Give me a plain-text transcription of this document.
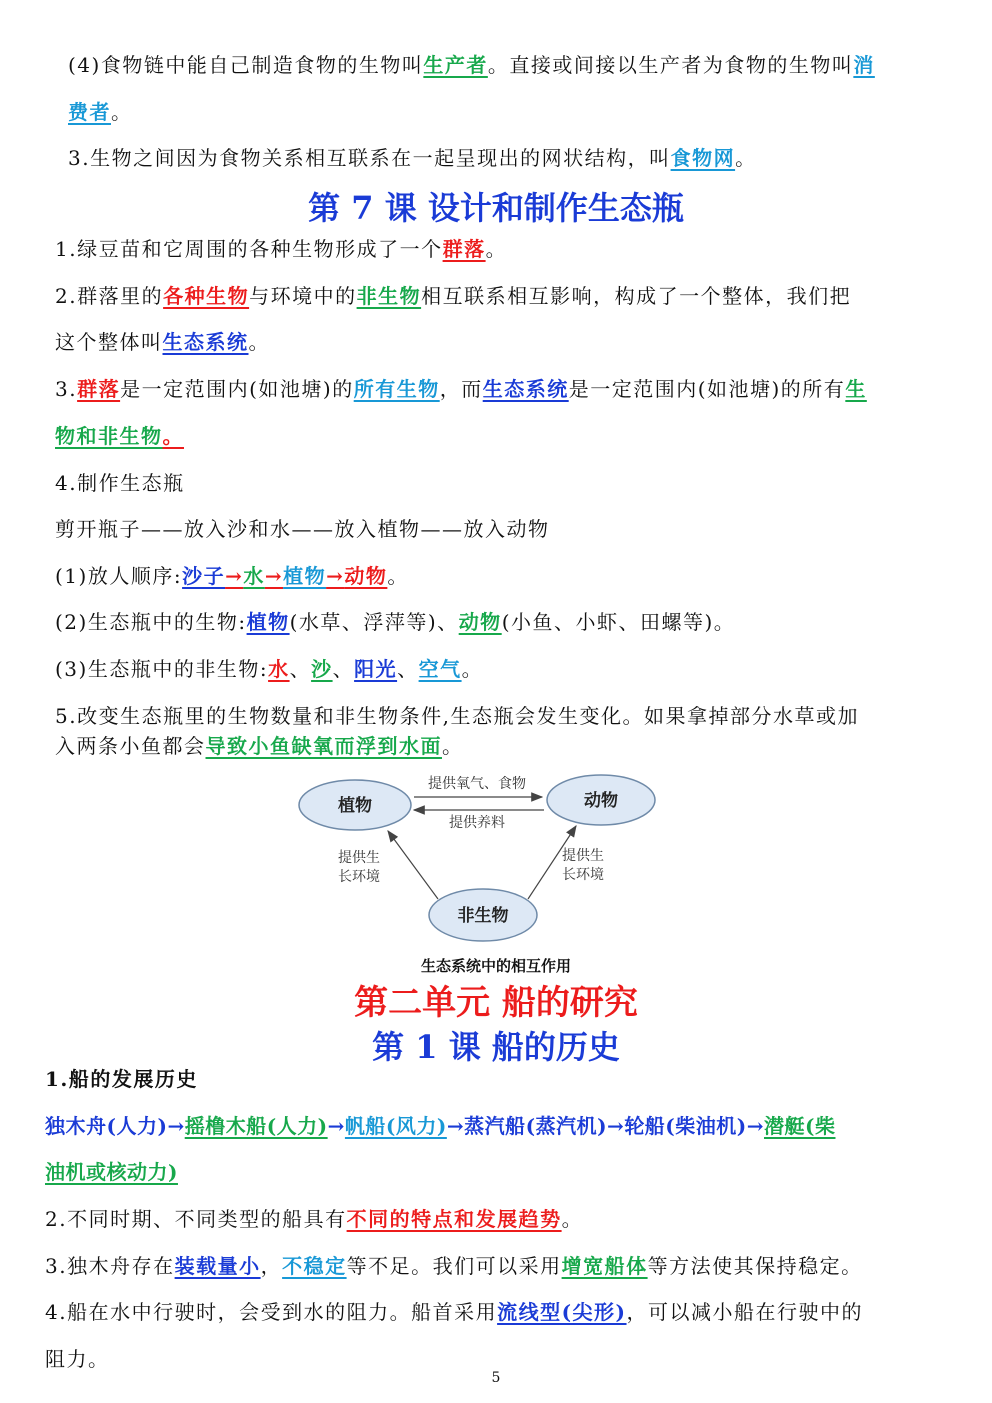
(4)食物链中能自己制造食物的生物叫生产者。直接或间接以生产者为食物的生物叫消
费者。
3.生物之间因为食物关系相互联系在一起呈现出的网状结构，叫食物网。
第 7 课 设计和制作生态瓶
1.绿豆苗和它周围的各种生物形成了一个群落。
2.群落里的各种生物与环境中的非生物相互联系相互影响，构成了一个整体，我们把
这个整体叫生态系统。
3.群落是一定范围内(如池塘)的所有生物，而生态系统是一定范围内(如池塘)的所有生
物和非生物。
4.制作生态瓶
剪开瓶子——放入沙和水——放入植物——放入动物
(1)放人顺序:沙子→水→植物→动物。
(2)生态瓶中的生物:植物(水草、浮萍等)、动物(小鱼、小虾、田螺等)。
(3)生态瓶中的非生物:水、沙、阳光、空气。
5.改变生态瓶里的生物数量和非生物条件,生态瓶会发生变化。如果拿掉部分水草或加
入两条小鱼都会导致小鱼缺氧而浮到水面。
植物	动物
非生物
提供氧气、食物
提供养料
提供生
长环境
提供生
长环境
生态系统中的相互作用
第二单元 船的研究
第 1 课 船的历史
1.船的发展历史
独木舟(人力)→摇橹木船(人力)→帆船(风力)→蒸汽船(蒸汽机)→轮船(柴油机)→潜艇(柴
油机或核动力)
2.不同时期、不同类型的船具有不同的特点和发展趋势。
3.独木舟存在装载量小，不稳定等不足。我们可以采用增宽船体等方法使其保持稳定。
4.船在水中行驶时，会受到水的阻力。船首采用流线型(尖形)，可以减小船在行驶中的
阻力。
5
